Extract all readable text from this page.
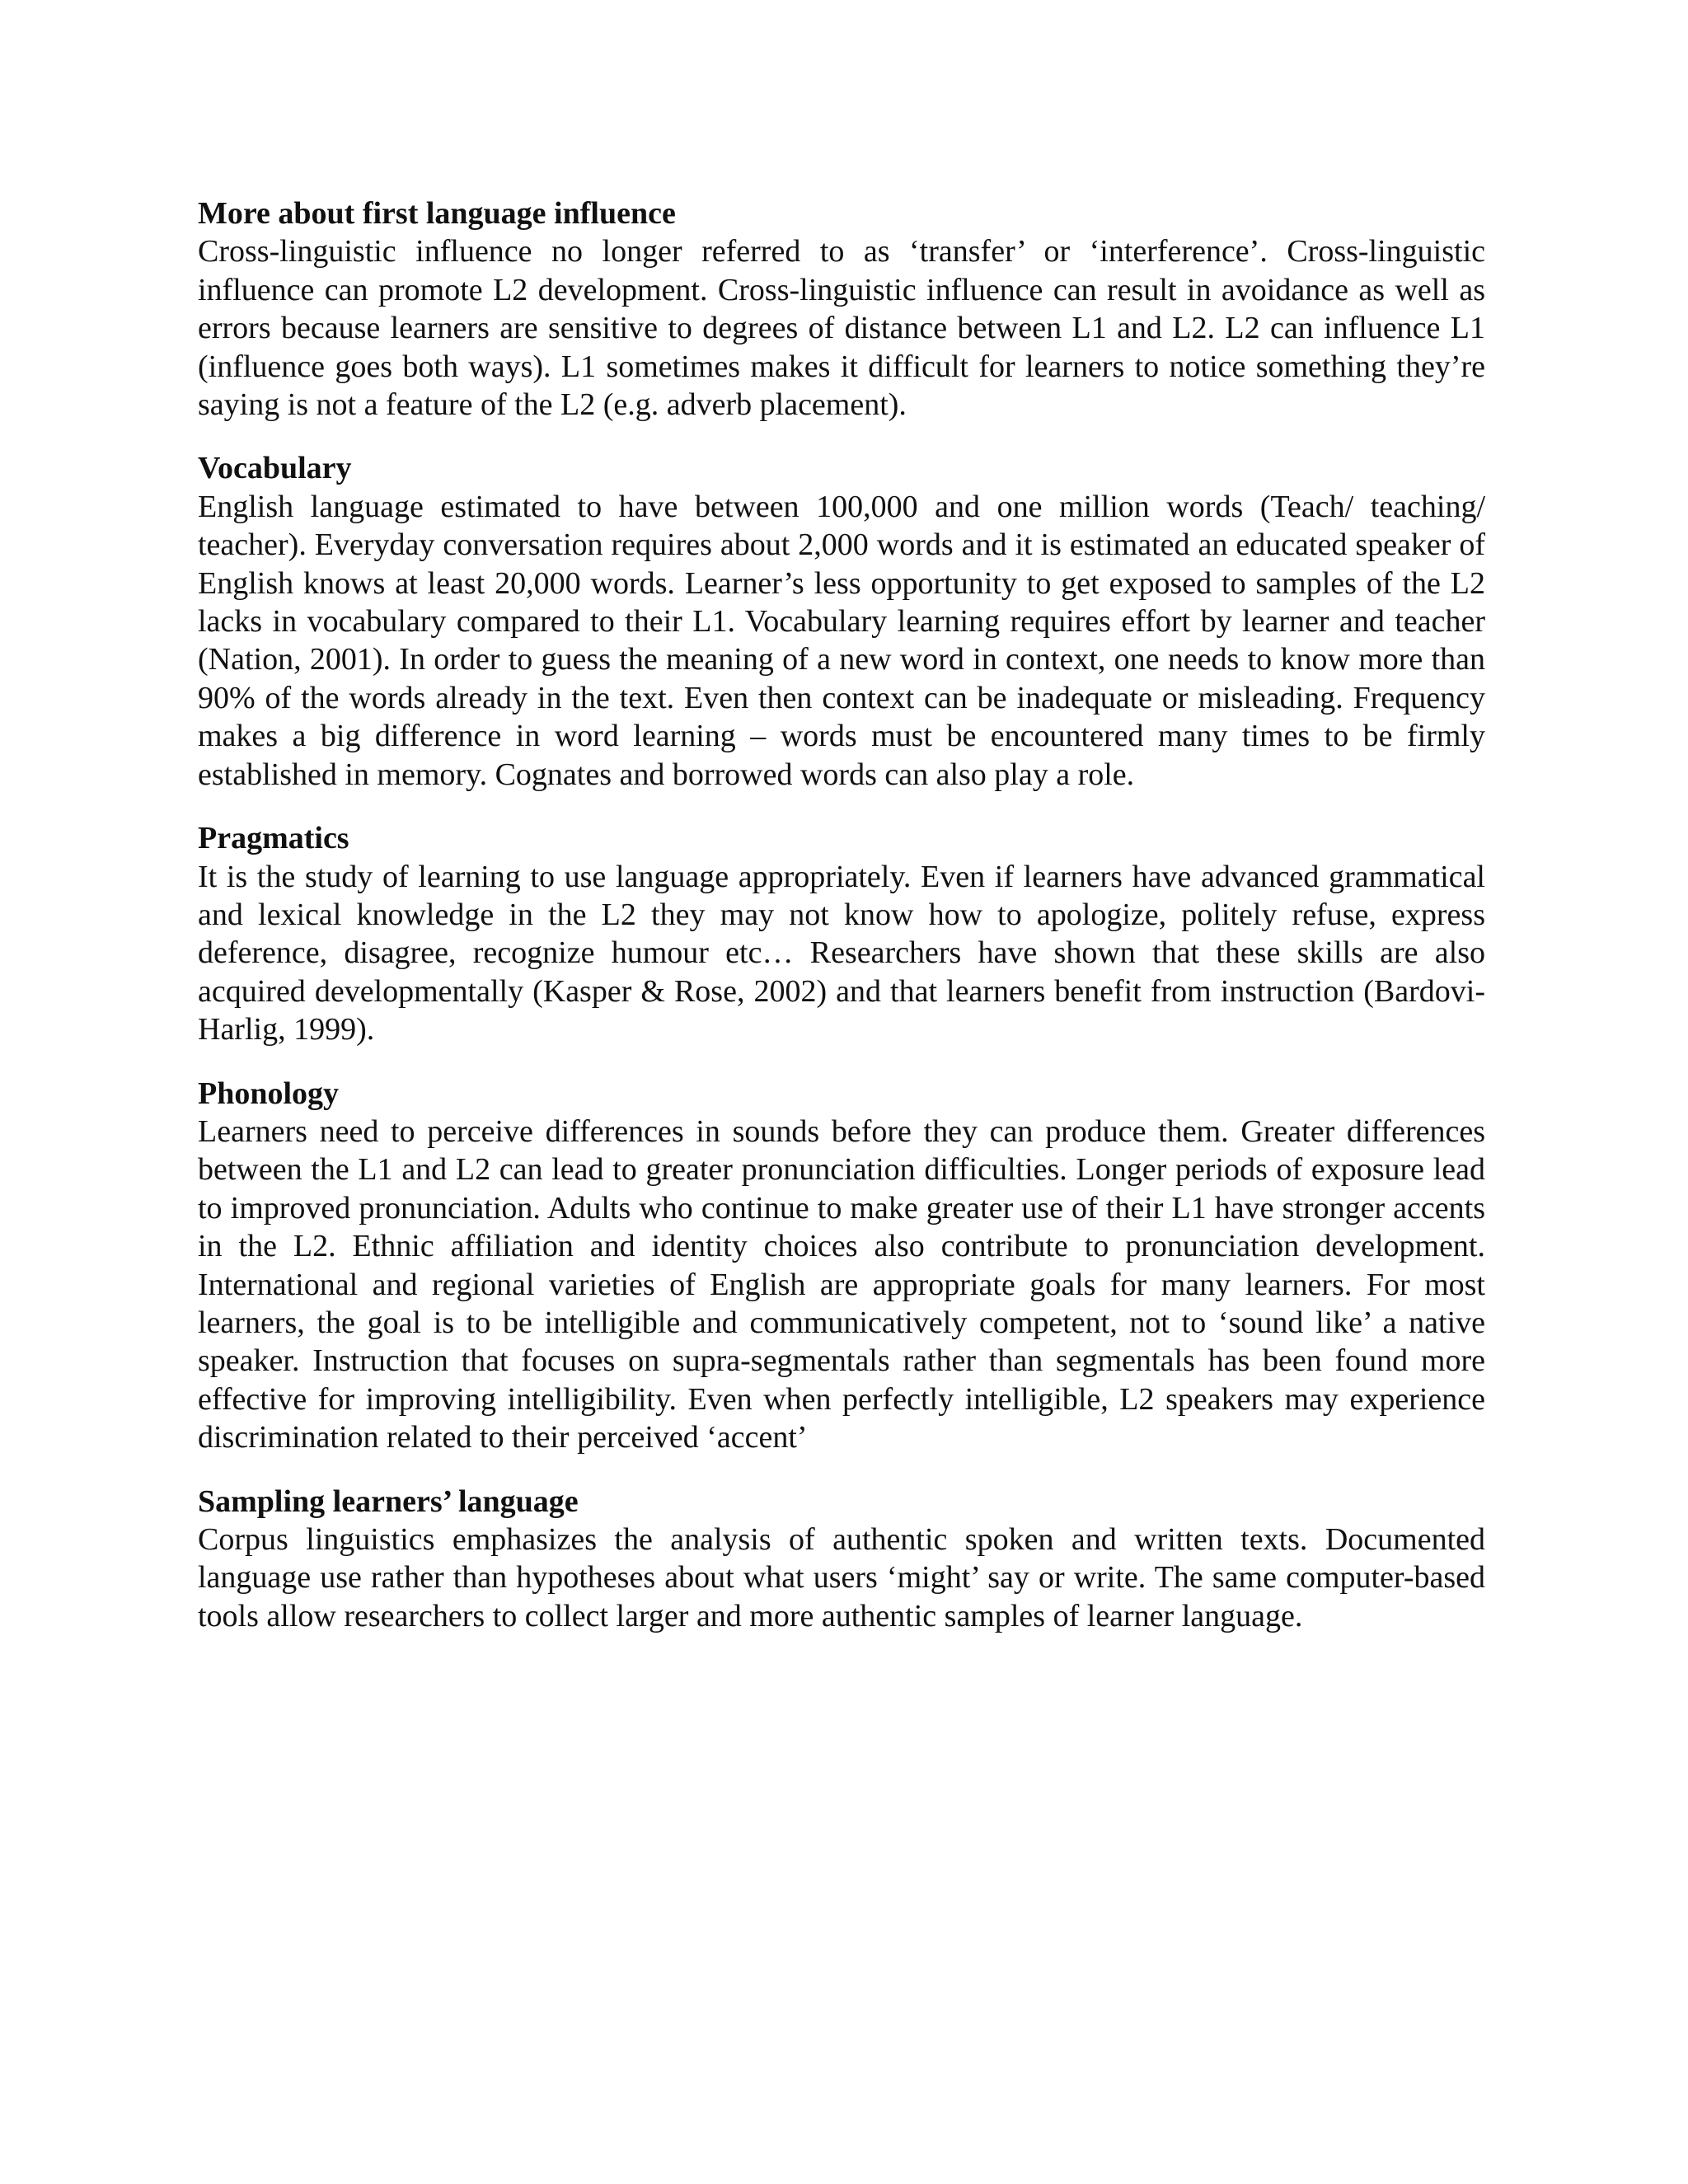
More about first language influence

Cross-linguistic influence no longer referred to as ‘transfer’ or ‘interference’. Cross-linguistic influence can promote L2 development. Cross-linguistic influence can result in avoidance as well as errors because learners are sensitive to degrees of distance between L1 and L2. L2 can influence L1 (influence goes both ways). L1 sometimes makes it difficult for learners to notice something they’re saying is not a feature of the L2 (e.g. adverb placement).

Vocabulary

English language estimated to have between 100,000 and one million words (Teach/ teaching/ teacher). Everyday conversation requires about 2,000 words and it is estimated an educated speaker of English knows at least 20,000 words. Learner’s less opportunity to get exposed to samples of the L2 lacks in vocabulary compared to their L1. Vocabulary learning requires effort by learner and teacher (Nation, 2001). In order to guess the meaning of a new word in context, one needs to know more than 90% of the words already in the text. Even then context can be inadequate or misleading. Frequency makes a big difference in word learning – words must be encountered many times to be firmly established in memory. Cognates and borrowed words can also play a role.

Pragmatics

It is the study of learning to use language appropriately. Even if learners have advanced grammatical and lexical knowledge in the L2 they may not know how to apologize, politely refuse, express deference, disagree, recognize humour etc… Researchers have shown that these skills are also acquired developmentally (Kasper & Rose, 2002) and that learners benefit from instruction (Bardovi-Harlig, 1999).

Phonology

Learners need to perceive differences in sounds before they can produce them. Greater differences between the L1 and L2 can lead to greater pronunciation difficulties. Longer periods of exposure lead to improved pronunciation. Adults who continue to make greater use of their L1 have stronger accents in the L2. Ethnic affiliation and identity choices also contribute to pronunciation development. International and regional varieties of English are appropriate goals for many learners. For most learners, the goal is to be intelligible and communicatively competent, not to ‘sound like’ a native speaker. Instruction that focuses on supra-segmentals rather than segmentals has been found more effective for improving intelligibility. Even when perfectly intelligible, L2 speakers may experience discrimination related to their perceived ‘accent’

Sampling learners’ language

Corpus linguistics emphasizes the analysis of authentic spoken and written texts. Documented language use rather than hypotheses about what users ‘might’ say or write. The same computer-based tools allow researchers to collect larger and more authentic samples of learner language.
